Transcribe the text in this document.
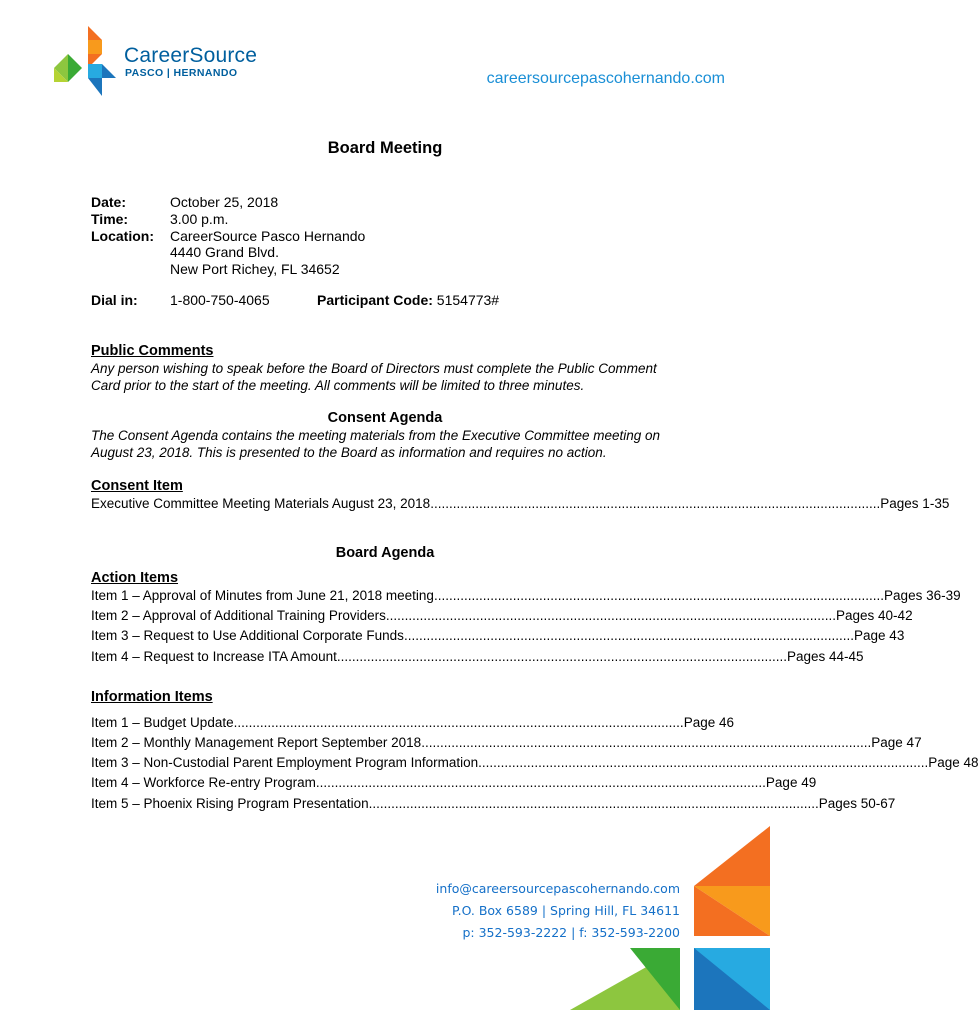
CareerSource
PASCO | HERNANDO	careersourcepascohernando.com
Board Meeting
Date:	October 25, 2018
Time:	3.00 p.m.
Location: CareerSource Pasco Hernando
4440 Grand Blvd.
New Port Richey, FL 34652
Dial in: 1-800-750-4065	Participant Code: 5154773#
Public Comments
Any person wishing to speak before the Board of Directors must complete the Public Comment
Card prior to the start of the meeting. All comments will be limited to three minutes.
Consent Agenda
The Consent Agenda contains the meeting materials from the Executive Committee meeting on
August 23, 2018. This is presented to the Board as information and requires no action.
Consent Item
Executive Committee Meeting Materials August 23, 2018 ........................................................................................................................ Pages 1-35
Board Agenda
Action Items
Item 1 – Approval of Minutes from June 21, 2018 meeting ........................................................................................................................ Pages 36-39
Item 2 – Approval of Additional Training Providers ........................................................................................................................ Pages 40-42
Item 3 – Request to Use Additional Corporate Funds ........................................................................................................................ Page 43
Item 4 – Request to Increase ITA Amount ........................................................................................................................ Pages 44-45
Information Items
Item 1 – Budget Update ........................................................................................................................ Page 46
Item 2 – Monthly Management Report September 2018 ........................................................................................................................ Page 47
Item 3 – Non-Custodial Parent Employment Program Information ........................................................................................................................ Page 48
Item 4 – Workforce Re-entry Program ........................................................................................................................ Page 49
Item 5 – Phoenix Rising Program Presentation ........................................................................................................................ Pages 50-67
info@careersourcepascohernando.com
P.O. Box 6589 | Spring Hill, FL 34611
p: 352-593-2222 | f: 352-593-2200
